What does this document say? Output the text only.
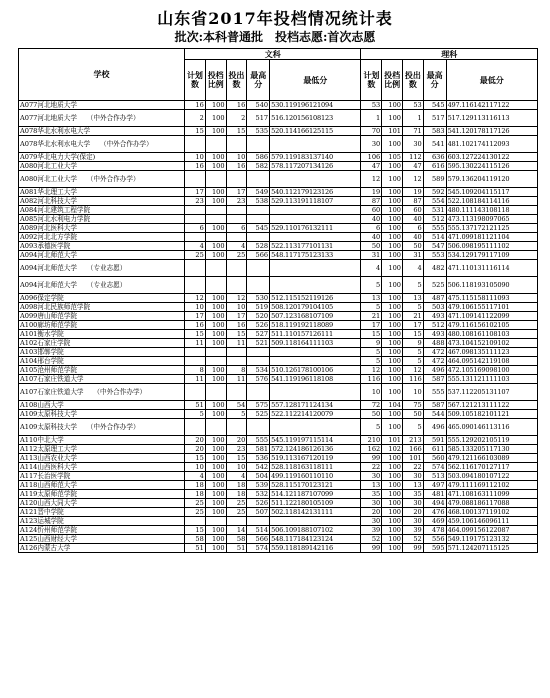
山东省2017年投档情况统计表
批次:本科普通批　投档志愿:首次志愿
学校	文科					理科				
	计划数	投档比例	投出数	最高分	最低分	计划数	投档比例	投出数	最高分	最低分
A077河北地质大学	16	100	16	540	530.119196121094	53	100	53	545	497.116142117122
A077河北地质大学　　（中外合作办学）	2	100	2	517	516.120156108123	1	100	1	517	517.129113116113
A078华北水利水电大学	15	100	15	535	520.114166125115	70	101	71	583	541.120178117126
A078华北水利水电大学　　（中外合作办学）						30	100	30	541	481.102174112093
A079华北电力大学(保定)	10	100	10	586	579.119183137140	106	105	112	636	603.127224130122
A080河北工业大学	16	100	16	582	578.117207134126	47	100	47	616	595.130224115126
A080河北工业大学　　（中外合作办学）						12	100	12	589	579.136204119120
A081华北理工大学	17	100	17	549	540.112179123126	19	100	19	592	545.109204115117
A082河北科技大学	23	100	23	538	529.113191118107	87	100	87	554	522.108184114116
A084河北建筑工程学院						60	100	60	531	480.111143108118
A085河北水利电力学院						40	100	40	512	473.113198097065
A089河北医科大学	6	100	6	545	529.110176132111	6	100	6	555	555.137172121125
A092河北北方学院						40	100	40	514	471.099181121104
A093承德医学院	4	100	4	528	522.113177101131	50	100	50	547	506.098195111102
A094河北师范大学	25	100	25	566	548.117175123133	31	100	31	553	534.129179117109
A094河北师范大学　　（专业志愿）						4	100	4	482	471.110131116114
A094河北师范大学　　（专业志愿）						5	100	5	525	506.118193105090
A096保定学院	12	100	12	530	512.115152119126	13	100	13	487	475.115158111093
A098河北民族师范学院	10	100	10	519	508.120179104105	5	100	5	503	479.106155117101
A099唐山师范学院	17	100	17	520	507.123168107109	21	100	21	493	471.109141122099
A100廊坊师范学院	16	100	16	526	518.119192118089	17	100	17	512	479.116156102105
A101衡水学院	15	100	15	527	511.110157126111	15	100	15	493	480.108161108103
A102石家庄学院	11	100	11	521	509.118164111103	9	100	9	488	473.104152109102
A103邯郸学院						5	100	5	472	467.098135111123
A104邢台学院						5	100	5	472	464.095142119108
A105沧州师范学院	8	100	8	534	510.126178100106	12	100	12	496	472.105169098100
A107石家庄铁道大学	11	100	11	576	541.119196118108	116	100	116	587	555.131121111103
A107石家庄铁道大学　　（中外合作办学）						10	100	10	555	537.112205131107
A108山西大学	51	100	54	575	557.128171124134	72	104	75	587	567.121213111122
A109太原科技大学	5	100	5	525	522.112214120079	50	100	50	544	509.105182101121
A109太原科技大学　　（中外合作办学）						5	100	5	496	465.090146113116
A110中北大学	20	100	20	555	545.119197115114	210	101	213	591	555.129202105119
A112太原理工大学	20	100	23	581	572.124186126136	162	102	166	611	585.133205117130
A113山西农业大学	15	100	15	536	519.113167120119	99	100	101	560	479.121166103089
A114山西医科大学	10	100	10	542	528.118163118111	22	100	22	574	562.116170127117
A117长治医学院	4	100	4	504	499.119160110110	30	100	30	513	503.094180107122
A118山西师范大学	18	100	18	539	528.115170123121	13	100	13	497	479.111169112102
A119太原师范学院	18	100	18	532	514.121187107099	35	100	35	481	471.108163111099
A120山西大同大学	25	100	25	526	511.122180105109	30	100	30	494	479.088186117088
A121晋中学院	25	100	25	507	502.118142131111	20	100	20	476	468.100137119102
A123运城学院						30	100	30	469	459.106146096111
A124忻州师范学院	15	100	14	514	506.109188107102	39	100	39	478	464.099156122087
A125山西财经大学	58	100	58	566	548.117184123124	52	100	52	556	549.119175123132
A126内蒙古大学	51	100	51	574	559.118189142116	99	100	99	595	571.124207115125
